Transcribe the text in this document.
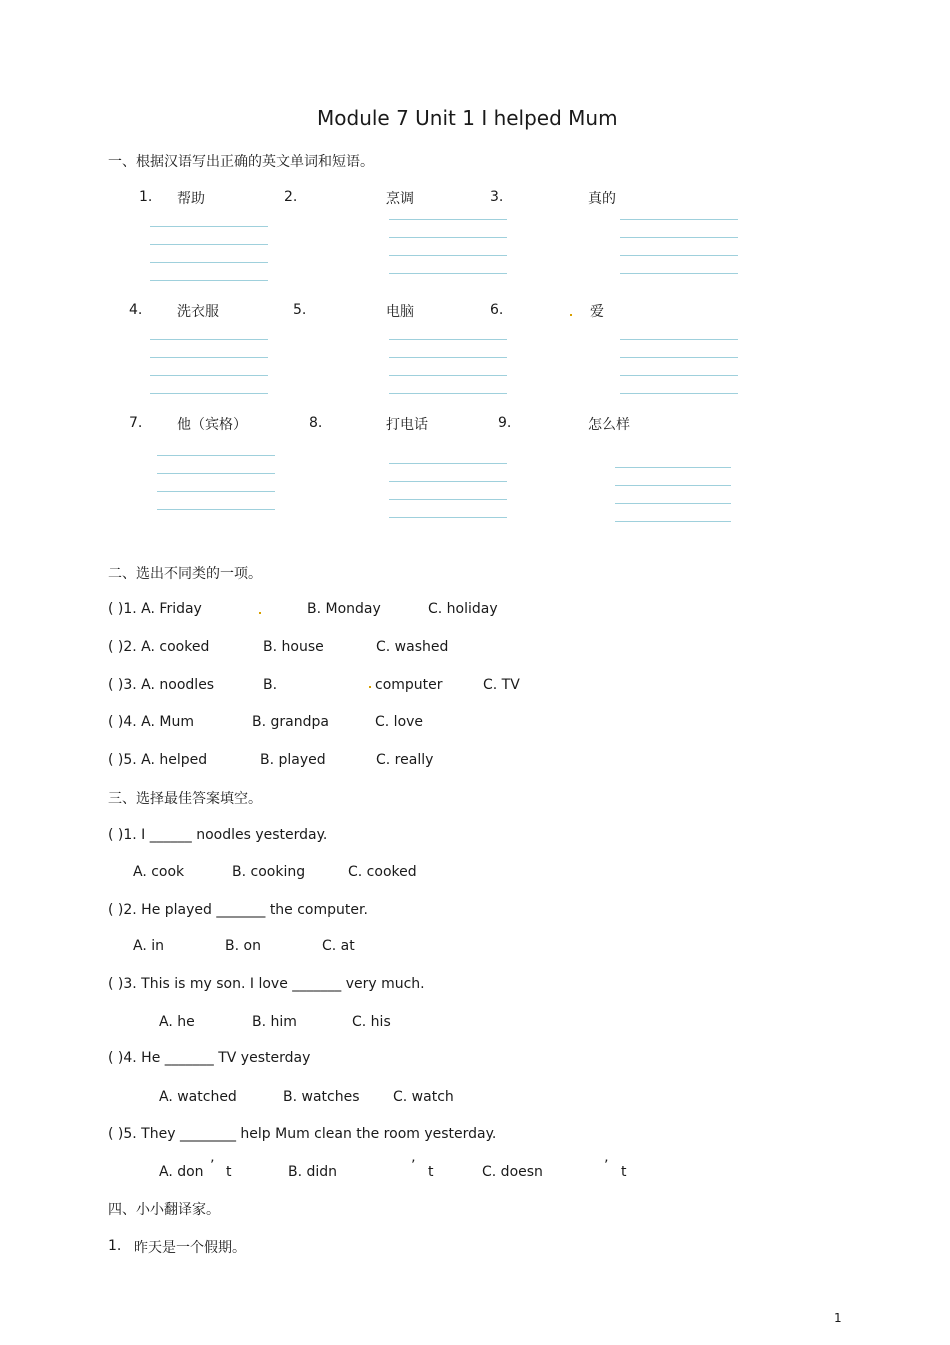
Module 7 Unit 1 I helped Mum
一、根据汉语写出正确的英文单词和短语。
1. 帮助	2.	烹调	3.	真的
4. 洗衣服	5.	电脑	6.	爱
7. 他（宾格）	8.	打电话	9.	怎么样
二、选出不同类的一项。
( )1. A. Friday	B. Monday	C. holiday
( )2. A. cooked	B. house	C. washed
( )3. A. noodles	B.	computer	C. TV
( )4. A. Mum	B. grandpa	C. love
( )5. A. helped	B. played	C. really
三、选择最佳答案填空。
( )1. I ______ noodles yesterday.
A. cook	B. cooking	C. cooked
( )2. He played _______ the computer.
A. in	B. on	C. at
( )3. This is my son. I love _______ very much.
A. he	B. him	C. his
( )4. He _______ TV yesterday
A. watched	B. watches C. watch
( )5. They ________ help Mum clean the room yesterday.
A. don ’ t	B. didn	’ t	C. doesn	’ t
四、小小翻译家。
1. 昨天是一个假期。
1
